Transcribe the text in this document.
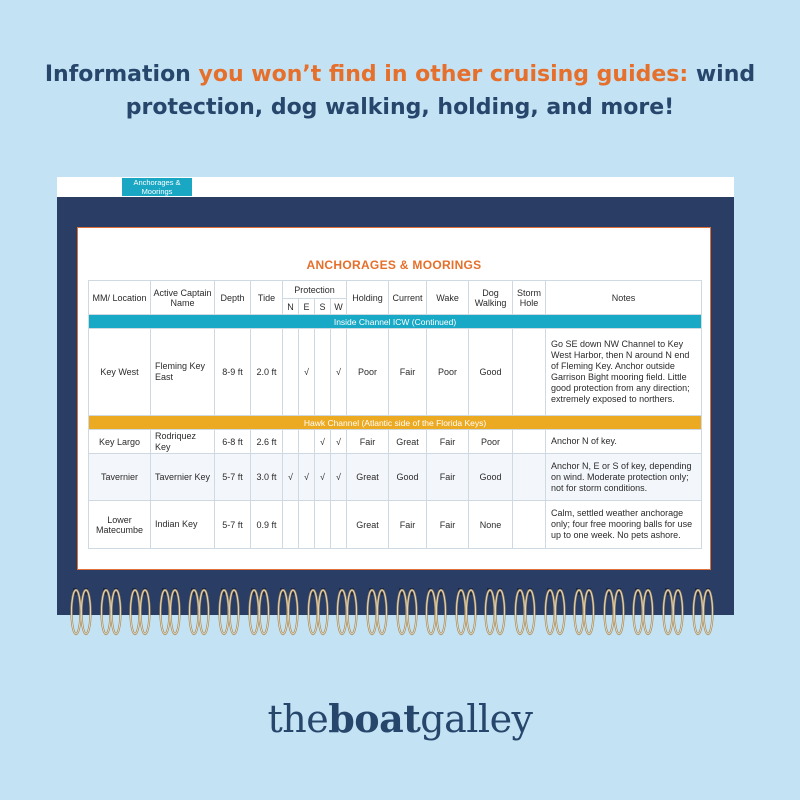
Information you won’t find in other cruising guides: wind protection, dog walking, holding, and more!
Anchorages & Moorings
ANCHORAGES & MOORINGS
MM/ Location	Active Captain Name	Depth	Tide	Protection				Holding	Current	Wake	Dog Walking	Storm Hole	Notes
				N	E	S	W						
Inside Channel ICW (Continued)													
Key West	Fleming Key East	8-9 ft	2.0 ft		√		√	Poor	Fair	Poor	Good		Go SE down NW Channel to Key West Harbor, then N around N end of Fleming Key. Anchor outside Garrison Bight mooring field. Little good protection from any direction; extremely exposed to northers.
Hawk Channel (Atlantic side of the Florida Keys)													
Key Largo	Rodriquez Key	6-8 ft	2.6 ft			√	√	Fair	Great	Fair	Poor		Anchor N of key.
Tavernier	Tavernier Key	5-7 ft	3.0 ft	√	√	√	√	Great	Good	Fair	Good		Anchor N, E or S of key, depending on wind. Moderate protection only; not for storm conditions.
Lower Matecumbe	Indian Key	5-7 ft	0.9 ft					Great	Fair	Fair	None		Calm, settled weather anchorage only; four free mooring balls for use up to one week. No pets ashore.
theboatgalley
